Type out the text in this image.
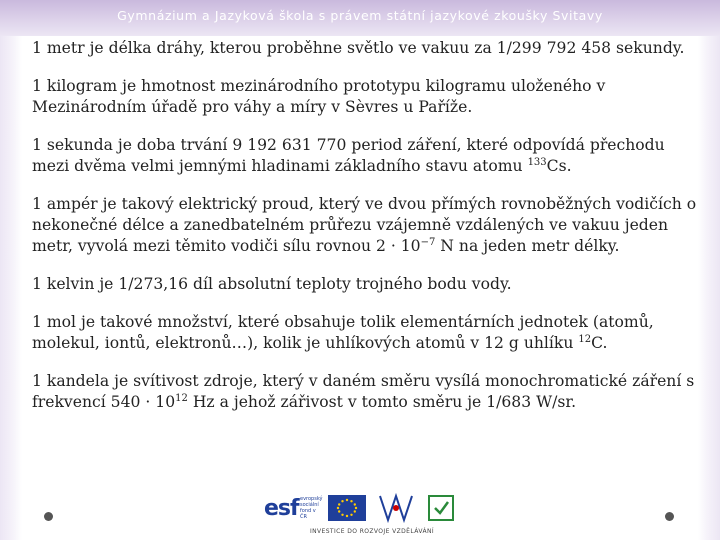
Gymnázium a Jazyková škola s právem státní jazykové zkoušky Svitavy

1 metr je délka dráhy, kterou proběhne světlo ve vakuu za 1/299 792 458 sekundy.

1 kilogram je hmotnost mezinárodního prototypu kilogramu uloženého v Mezinárodním úřadě pro váhy a míry v Sèvres u Paříže.

1 sekunda je doba trvání 9 192 631 770 period záření, které odpovídá přechodu mezi dvěma velmi jemnými hladinami základního stavu atomu $^{133}$Cs.

1 ampér je takový elektrický proud, který ve dvou přímých rovnoběžných vodičích o nekonečné délce a zanedbatelném průřezu vzájemně vzdálených ve vakuu jeden metr, vyvolá mezi těmito vodiči sílu rovnou $2 \cdot 10^{-7}$ N na jeden metr délky.

1 kelvin je 1/273,16 díl absolutní teploty trojného bodu vody.

1 mol je takové množství, které obsahuje tolik elementárních jednotek (atomů, molekul, iontů, elektronů…), kolik je uhlíkových atomů v 12 g uhlíku $^{12}$C.

1 kandela je svítivost zdroje, který v daném směru vysílá monochromatické záření s frekvencí $540 \cdot 10^{12}$ Hz a jehož zářivost v tomto směru je 1/683 W/sr.

esf evropský sociální fond v ČR
INVESTICE DO ROZVOJE VZDĚLÁVÁNÍ
